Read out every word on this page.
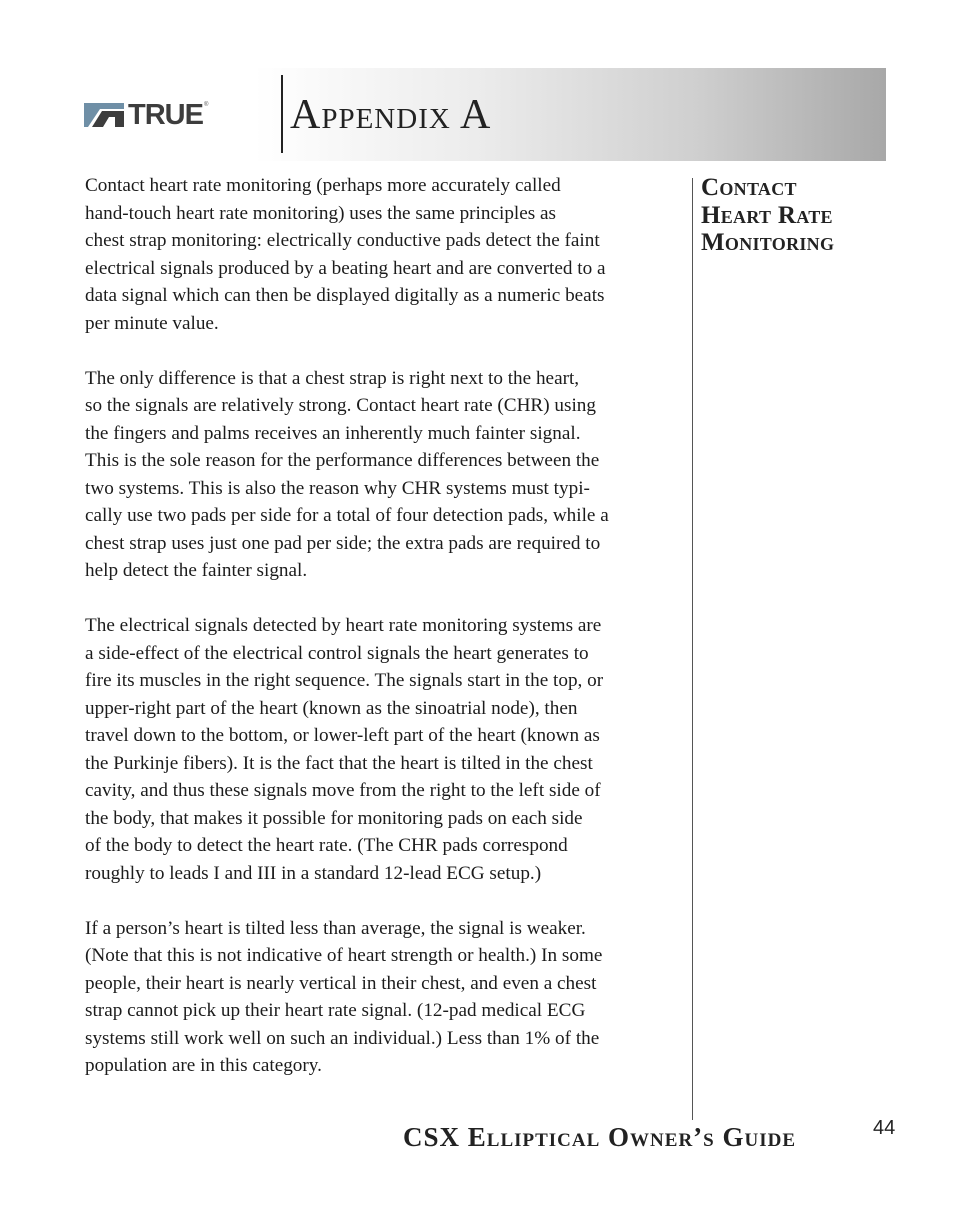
TRUE ® Appendix A

Contact heart rate monitoring (perhaps more accurately called
hand-touch heart rate monitoring) uses the same principles as
chest strap monitoring: electrically conductive pads detect the faint
electrical signals produced by a beating heart and are converted to a
data signal which can then be displayed digitally as a numeric beats
per minute value.

The only difference is that a chest strap is right next to the heart,
so the signals are relatively strong. Contact heart rate (CHR) using
the fingers and palms receives an inherently much fainter signal.
This is the sole reason for the performance differences between the
two systems. This is also the reason why CHR systems must typi-
cally use two pads per side for a total of four detection pads, while a
chest strap uses just one pad per side; the extra pads are required to
help detect the fainter signal.

The electrical signals detected by heart rate monitoring systems are
a side-effect of the electrical control signals the heart generates to
fire its muscles in the right sequence. The signals start in the top, or
upper-right part of the heart (known as the sinoatrial node), then
travel down to the bottom, or lower-left part of the heart (known as
the Purkinje fibers). It is the fact that the heart is tilted in the chest
cavity, and thus these signals move from the right to the left side of
the body, that makes it possible for monitoring pads on each side
of the body to detect the heart rate. (The CHR pads correspond
roughly to leads I and III in a standard 12-lead ECG setup.)

If a person’s heart is tilted less than average, the signal is weaker.
(Note that this is not indicative of heart strength or health.) In some
people, their heart is nearly vertical in their chest, and even a chest
strap cannot pick up their heart rate signal. (12-pad medical ECG
systems still work well on such an individual.) Less than 1% of the
population are in this category.

Contact
Heart Rate
Monitoring
CSX Elliptical Owner’s Guide	44
